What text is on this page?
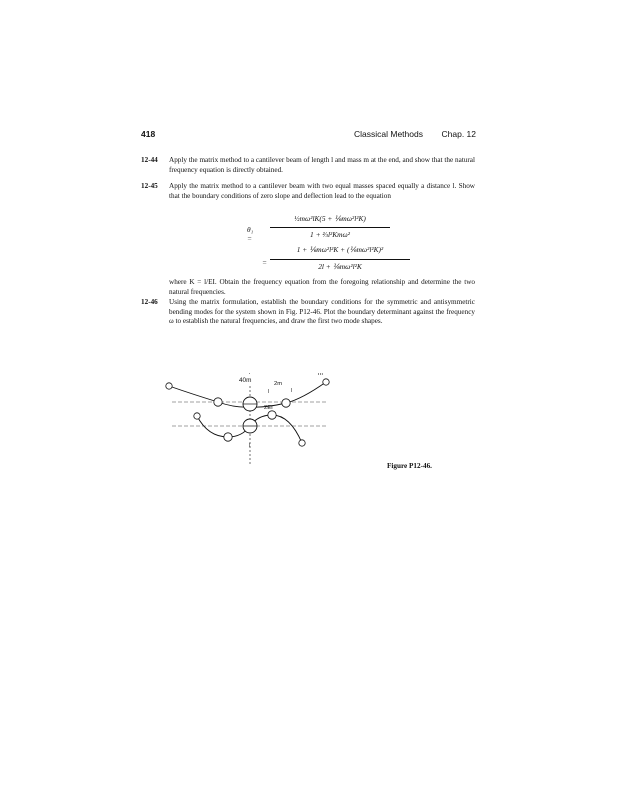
418	Classical Methods Chap. 12
12-44 Apply the matrix method to a cantilever beam of length l and mass m at the end, and show that the natural frequency equation is directly obtained.
12-45 Apply the matrix method to a cantilever beam with two equal masses spaced equally a distance l. Show that the boundary conditions of zero slope and deflection lead to the equation
θ₁ =
½mω²lK(5 + ⅙mω²l²K)
1 + ⅔l²Kmω²
=
1 + ⅙mω²l²K + (⅙mω²l²K)²
2l + ⅙mω²l²K
where K = l/EI. Obtain the frequency equation from the foregoing relationship and determine the two natural frequencies.
12-46 Using the matrix formulation, establish the boundary conditions for the symmetric and antisymmetric bending modes for the system shown in Fig. P12-46. Plot the boundary determinant against the frequency ω to establish the natural frequencies, and draw the first two mode shapes.
40m
l
2m
m
l	l
2EI
l
Figure P12-46.
